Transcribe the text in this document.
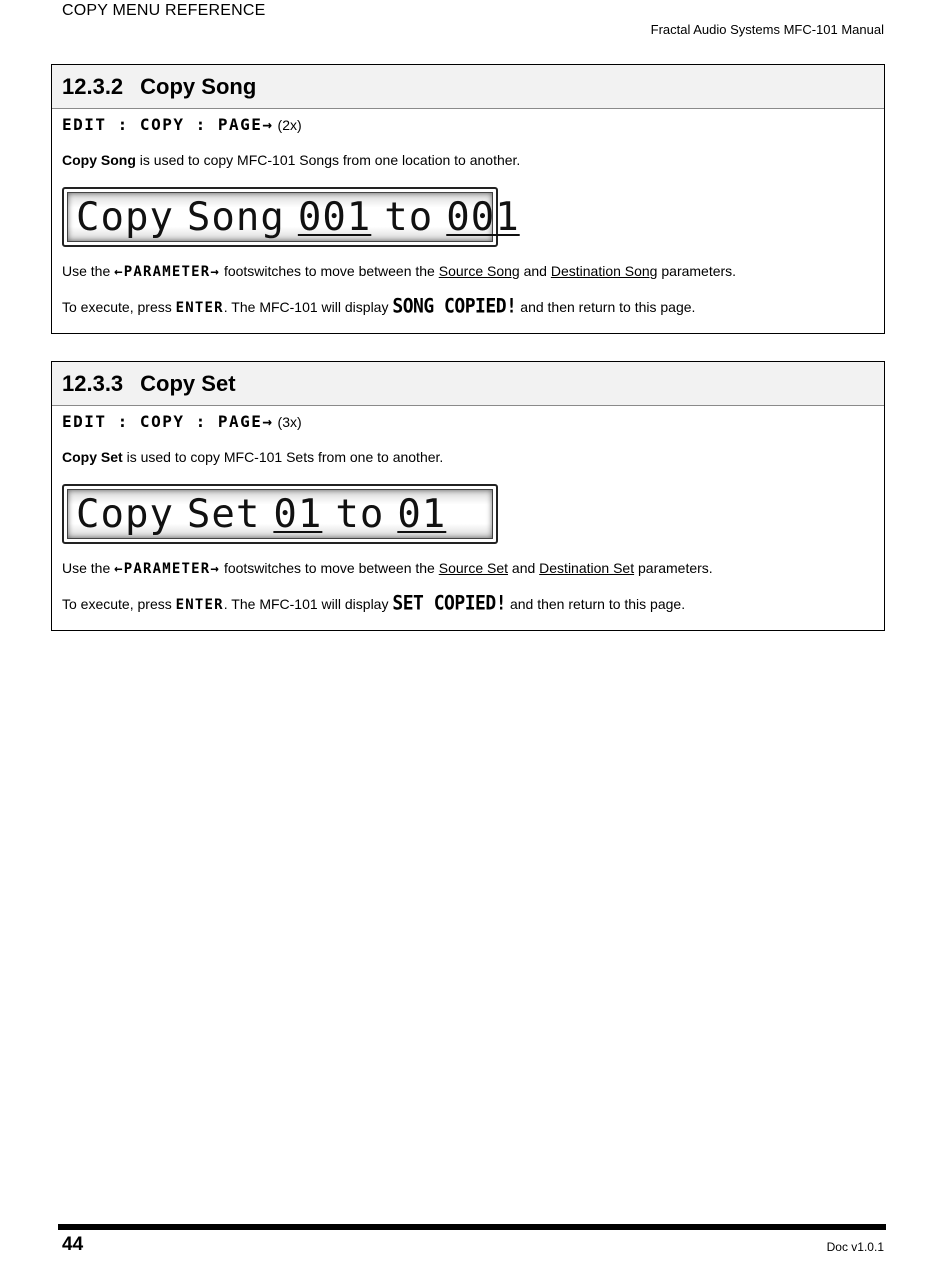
COPY MENU REFERENCE
Fractal Audio Systems MFC-101 Manual
12.3.2 Copy Song
EDIT : COPY : PAGE→ (2x)

Copy Song is used to copy MFC-101 Songs from one location to another.

Copy Song 001 to 001

Use the ←PARAMETER→ footswitches to move between the Source Song and Destination Song parameters.

To execute, press ENTER. The MFC-101 will display SONG COPIED! and then return to this page.

12.3.3 Copy Set
EDIT : COPY : PAGE→ (3x)

Copy Set is used to copy MFC-101 Sets from one to another.

Copy Set 01 to 01

Use the ←PARAMETER→ footswitches to move between the Source Set and Destination Set parameters.

To execute, press ENTER. The MFC-101 will display SET COPIED! and then return to this page.

44	Doc v1.0.1
